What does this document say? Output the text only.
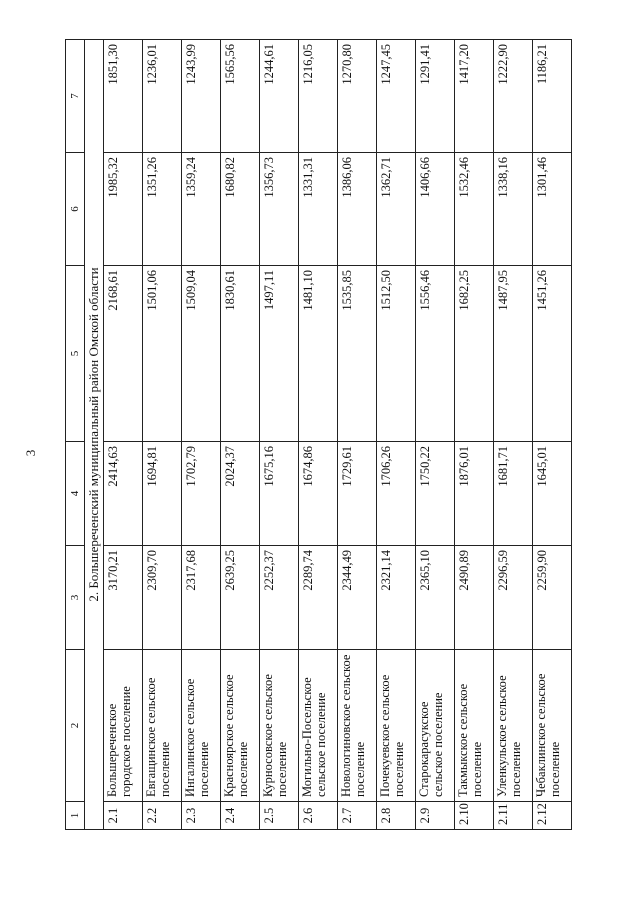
3
1	2	3	4	5	6	7
2. Большереченский муниципальный район Омской области						
2.1	Большереченское городское поселение	3170,21	2414,63	2168,61	1985,32	1851,30
2.2	Евгащинское сельское поселение	2309,70	1694,81	1501,06	1351,26	1236,01
2.3	Ингалинское сельское поселение	2317,68	1702,79	1509,04	1359,24	1243,99
2.4	Красноярское сельское поселение	2639,25	2024,37	1830,61	1680,82	1565,56
2.5	Курносовское сельское поселение	2252,37	1675,16	1497,11	1356,73	1244,61
2.6	Могильно-Посельское сельское поселение	2289,74	1674,86	1481,10	1331,31	1216,05
2.7	Новологиновское сельское поселение	2344,49	1729,61	1535,85	1386,06	1270,80
2.8	Почекуевское сельское поселение	2321,14	1706,26	1512,50	1362,71	1247,45
2.9	Старокарасукское сельское поселение	2365,10	1750,22	1556,46	1406,66	1291,41
2.10	Такмыкское сельское поселение	2490,89	1876,01	1682,25	1532,46	1417,20
2.11	Уленкульское сельское поселение	2296,59	1681,71	1487,95	1338,16	1222,90
2.12	Чебаклинское сельское поселение	2259,90	1645,01	1451,26	1301,46	1186,21
